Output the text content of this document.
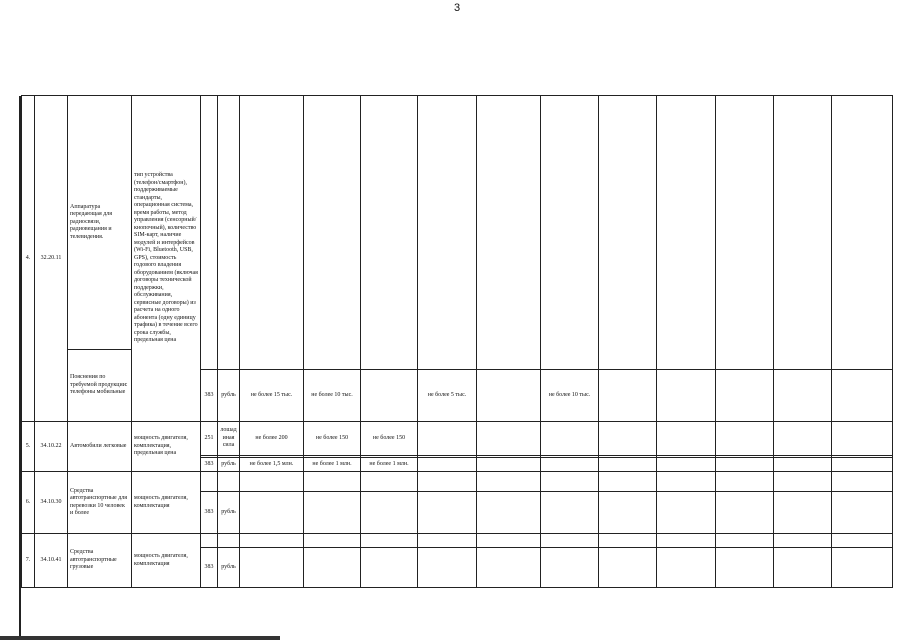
3
4.	32.20.11	Аппаратура передающая для радиосвязи, радиовещания и телевидения.	тип устройства (телефон/смартфон), поддерживаемые стандарты, операционная система, время работы, метод управления (сенсорный/кнопочный), количество SIM-карт, наличие модулей и интерфейсов (Wi-Fi, Bluetooth, USB, GPS), стоимость годового владения оборудованием (включая договоры технической поддержки, обслуживания, сервисные договоры) из расчета на одного абонента (одну единицу трафика) в течение всего срока службы, предельная цена													
		Пояснения по требуемой продукции: телефоны мобильные														
				383	рубль	не более 15 тыс.	не более 10 тыс.		не более 5 тыс.		не более 10 тыс.					
5.	34.10.22	Автомобили легковые	мощность двигателя, комплектация, предельная цена	251	лошадиная сила	не более 200	не более 150	не более 150								

				383	рубль	не более 1,5 млн.	не более 1 млн.	не более 1 млн.								
6.	34.10.30	Средства автотранспортные для перевозки 10 человек и более	мощность двигателя, комплектация													
				383	рубль											
7.	34.10.41	Средства автотранспортные грузовые	мощность двигателя, комплектация													
				383	рубль											
